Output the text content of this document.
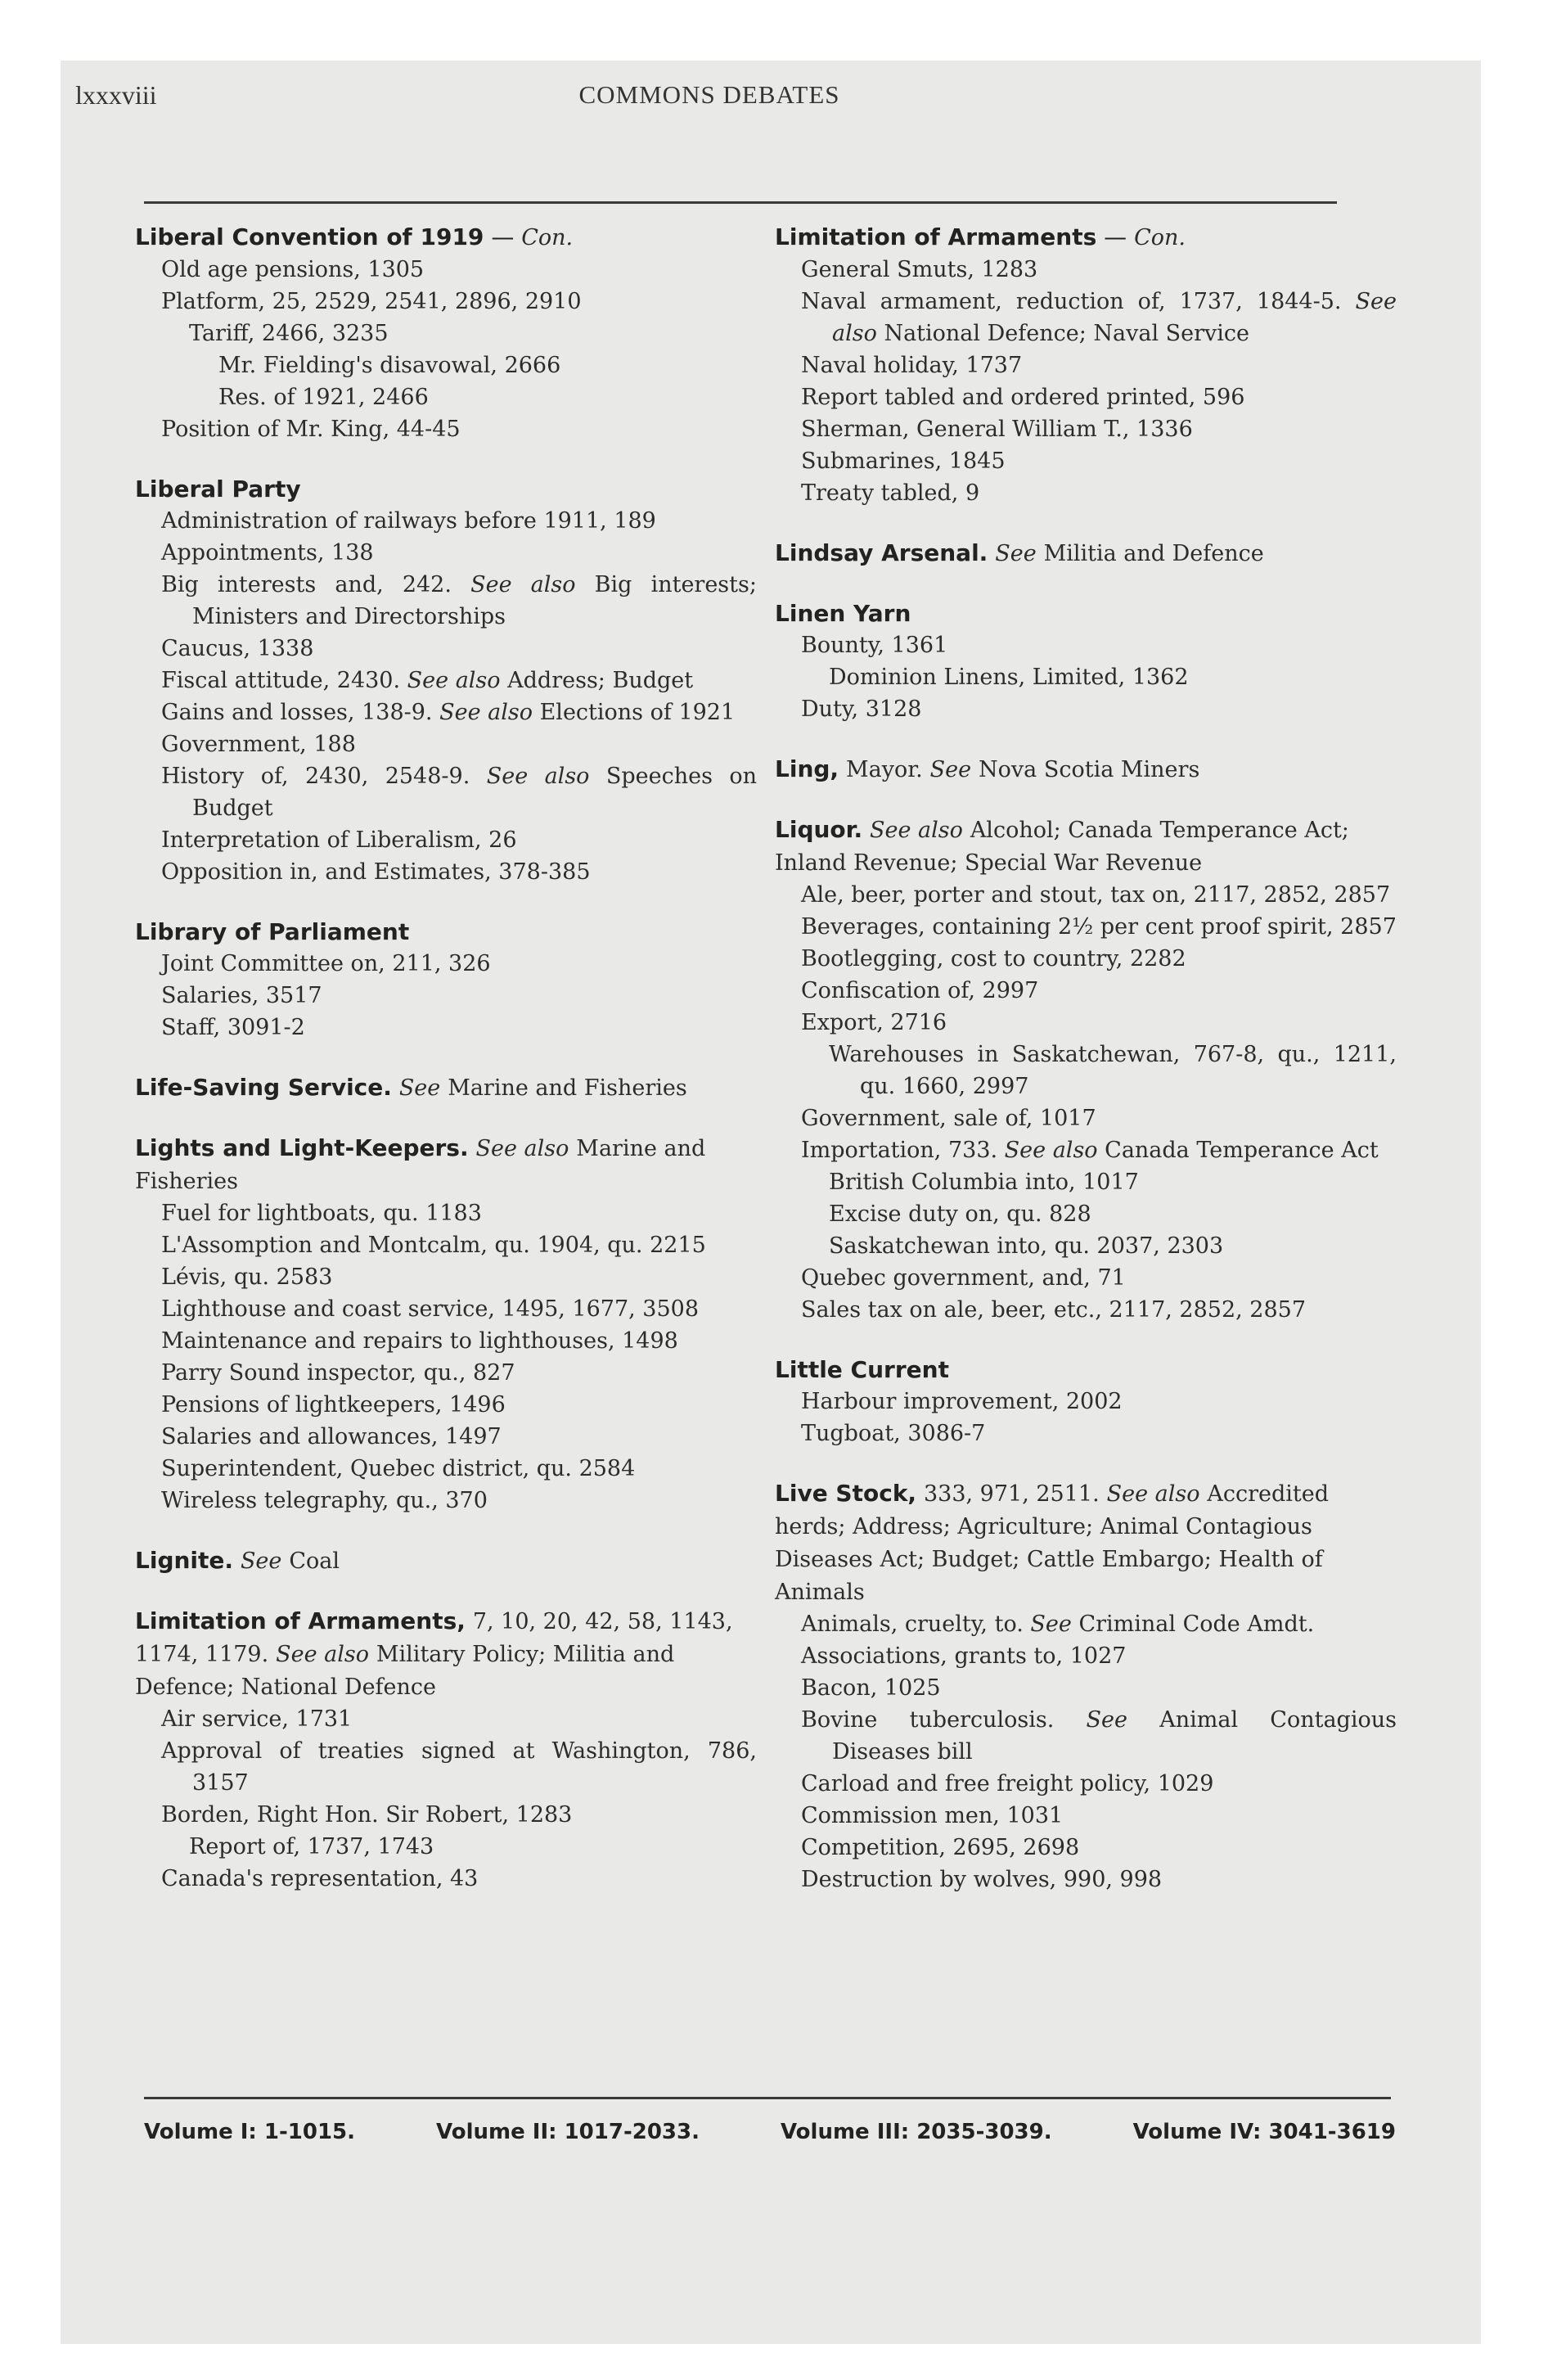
lxxxviii	COMMONS DEBATES
Liberal Convention of 1919 — Con.
Old age pensions, 1305
Platform, 25, 2529, 2541, 2896, 2910
Tariff, 2466, 3235
Mr. Fielding's disavowal, 2666
Res. of 1921, 2466
Position of Mr. King, 44-45
Liberal Party
Administration of railways before 1911, 189
Appointments, 138
Big interests and, 242. See also Big interests; Ministers and Directorships
Caucus, 1338
Fiscal attitude, 2430. See also Address; Budget
Gains and losses, 138-9. See also Elections of 1921
Government, 188
History of, 2430, 2548-9. See also Speeches on Budget
Interpretation of Liberalism, 26
Opposition in, and Estimates, 378-385
Library of Parliament
Joint Committee on, 211, 326
Salaries, 3517
Staff, 3091-2
Life-Saving Service. See Marine and Fisheries
Lights and Light-Keepers. See also Marine and Fisheries
Fuel for lightboats, qu. 1183
L'Assomption and Montcalm, qu. 1904, qu. 2215
Lévis, qu. 2583
Lighthouse and coast service, 1495, 1677, 3508
Maintenance and repairs to lighthouses, 1498
Parry Sound inspector, qu., 827
Pensions of lightkeepers, 1496
Salaries and allowances, 1497
Superintendent, Quebec district, qu. 2584
Wireless telegraphy, qu., 370
Lignite. See Coal
Limitation of Armaments, 7, 10, 20, 42, 58, 1143, 1174, 1179. See also Military Policy; Militia and Defence; National Defence
Air service, 1731
Approval of treaties signed at Washington, 786, 3157
Borden, Right Hon. Sir Robert, 1283
Report of, 1737, 1743
Canada's representation, 43
Limitation of Armaments — Con.
General Smuts, 1283
Naval armament, reduction of, 1737, 1844-5. See also National Defence; Naval Service
Naval holiday, 1737
Report tabled and ordered printed, 596
Sherman, General William T., 1336
Submarines, 1845
Treaty tabled, 9
Lindsay Arsenal. See Militia and Defence
Linen Yarn
Bounty, 1361
Dominion Linens, Limited, 1362
Duty, 3128
Ling, Mayor. See Nova Scotia Miners
Liquor. See also Alcohol; Canada Temperance Act; Inland Revenue; Special War Revenue
Ale, beer, porter and stout, tax on, 2117, 2852, 2857
Beverages, containing 2½ per cent proof spirit, 2857
Bootlegging, cost to country, 2282
Confiscation of, 2997
Export, 2716
Warehouses in Saskatchewan, 767-8, qu., 1211, qu. 1660, 2997
Government, sale of, 1017
Importation, 733. See also Canada Temperance Act
British Columbia into, 1017
Excise duty on, qu. 828
Saskatchewan into, qu. 2037, 2303
Quebec government, and, 71
Sales tax on ale, beer, etc., 2117, 2852, 2857
Little Current
Harbour improvement, 2002
Tugboat, 3086-7
Live Stock, 333, 971, 2511. See also Accredited herds; Address; Agriculture; Animal Contagious Diseases Act; Budget; Cattle Embargo; Health of Animals
Animals, cruelty, to. See Criminal Code Amdt.
Associations, grants to, 1027
Bacon, 1025
Bovine tuberculosis. See Animal Contagious Diseases bill
Carload and free freight policy, 1029
Commission men, 1031
Competition, 2695, 2698
Destruction by wolves, 990, 998
Volume I: 1-1015.	Volume II: 1017-2033.	Volume III: 2035-3039.	Volume IV: 3041-3619
